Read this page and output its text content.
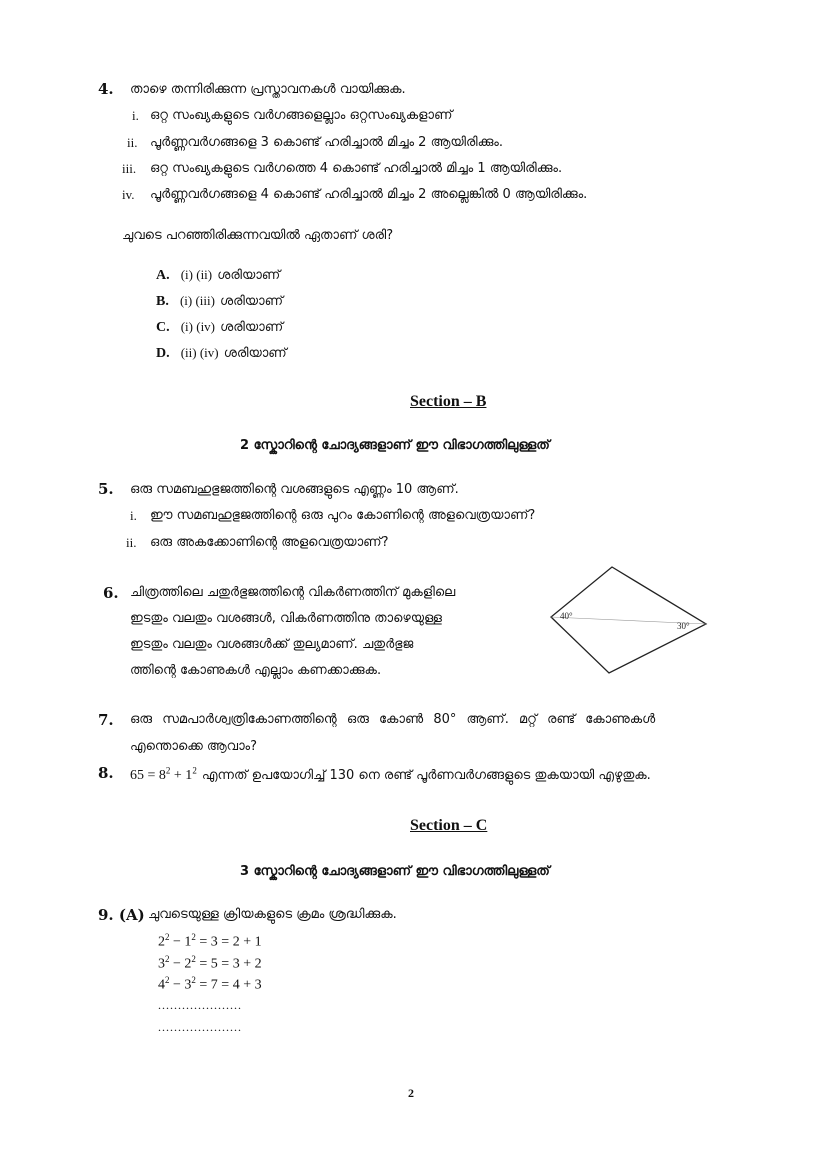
4. താഴെ തന്നിരിക്കുന്ന പ്രസ്താവനകൾ വായിക്കുക.
i. ഒറ്റ സംഖ്യകളുടെ വർഗങ്ങളെല്ലാം ഒറ്റസംഖ്യകളാണ്
ii. പൂർണ്ണവർഗങ്ങളെ 3 കൊണ്ട് ഹരിച്ചാൽ മിച്ചം 2 ആയിരിക്കും.
iii. ഒറ്റ സംഖ്യകളുടെ വർഗത്തെ 4 കൊണ്ട് ഹരിച്ചാൽ മിച്ചം 1 ആയിരിക്കും.
iv. പൂർണ്ണവർഗങ്ങളെ 4 കൊണ്ട് ഹരിച്ചാൽ മിച്ചം 2 അല്ലെങ്കിൽ 0 ആയിരിക്കും.
ചുവടെ പറഞ്ഞിരിക്കുന്നവയിൽ ഏതാണ് ശരി?
A. (i) (ii) ശരിയാണ്
B. (i) (iii) ശരിയാണ്
C. (i) (iv) ശരിയാണ്
D. (ii) (iv) ശരിയാണ്
Section – B
2 സ്കോറിന്റെ ചോദ്യങ്ങളാണ് ഈ വിഭാഗത്തിലുള്ളത്
5. ഒരു സമബഹുഭുജത്തിന്റെ വശങ്ങളുടെ എണ്ണം 10 ആണ്.
i. ഈ സമബഹുഭുജത്തിന്റെ ഒരു പുറം കോണിന്റെ അളവെത്രയാണ്?
ii. ഒരു അകക്കോണിന്റെ അളവെത്രയാണ്?
6. ചിത്രത്തിലെ ചതുർഭുജത്തിന്റെ വികർണത്തിന് മുകളിലെ
ഇടതും വലതും വശങ്ങൾ, വികർണത്തിനു താഴെയുള്ള
ഇടതും വലതും വശങ്ങൾക്ക് തുല്യമാണ്. ചതുർഭുജ
ത്തിന്റെ കോണുകൾ എല്ലാം കണക്കാക്കുക.
40°
30°
7. ഒരു സമപാർശ്വത്രികോണത്തിന്റെ ഒരു കോൺ 80° ആണ്. മറ്റ് രണ്ട് കോണുകൾ
എന്തൊക്കെ ആവാം?
8. $65 = 8^2 + 1^2$ എന്നത് ഉപയോഗിച്ച് 130 നെ രണ്ട് പൂർണവർഗങ്ങളുടെ തുകയായി എഴുതുക.
Section – C
3 സ്കോറിന്റെ ചോദ്യങ്ങളാണ് ഈ വിഭാഗത്തിലുള്ളത്
9. (A) ചുവടെയുള്ള ക്രിയകളുടെ ക്രമം ശ്രദ്ധിക്കുക.
$2^2 - 1^2 = 3 = 2 + 1$
$3^2 - 2^2 = 5 = 3 + 2$
$4^2 - 3^2 = 7 = 4 + 3$
.....................
.....................
2
